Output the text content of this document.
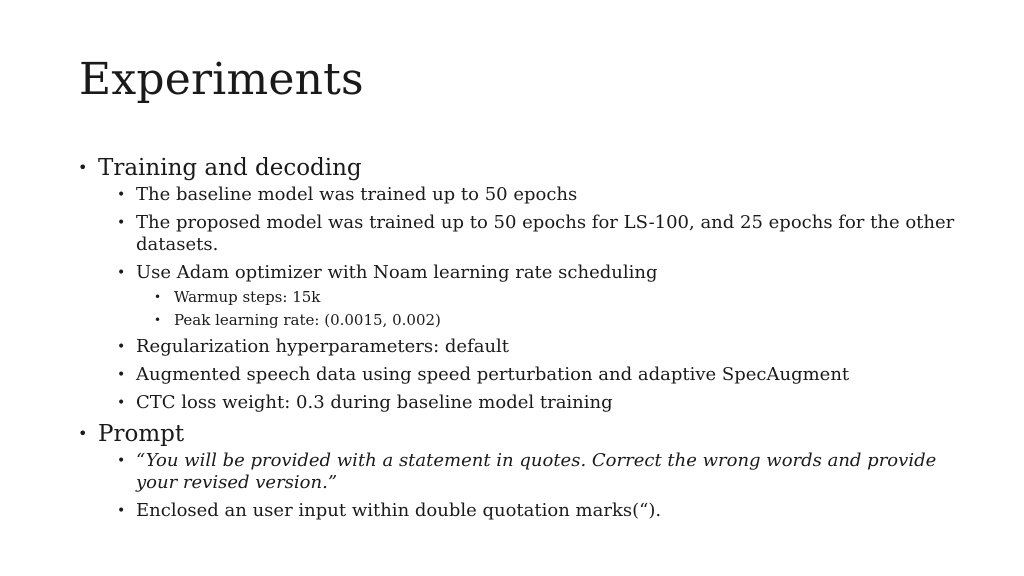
Experiments
• Training and decoding
• The baseline model was trained up to 50 epochs
• The proposed model was trained up to 50 epochs for LS-100, and 25 epochs for the other datasets.
• Use Adam optimizer with Noam learning rate scheduling
• Warmup steps: 15k
• Peak learning rate: (0.0015, 0.002)
• Regularization hyperparameters: default
• Augmented speech data using speed perturbation and adaptive SpecAugment
• CTC loss weight: 0.3 during baseline model training
• Prompt
• “You will be provided with a statement in quotes. Correct the wrong words and provide your revised version.”
• Enclosed an user input within double quotation marks(“).
